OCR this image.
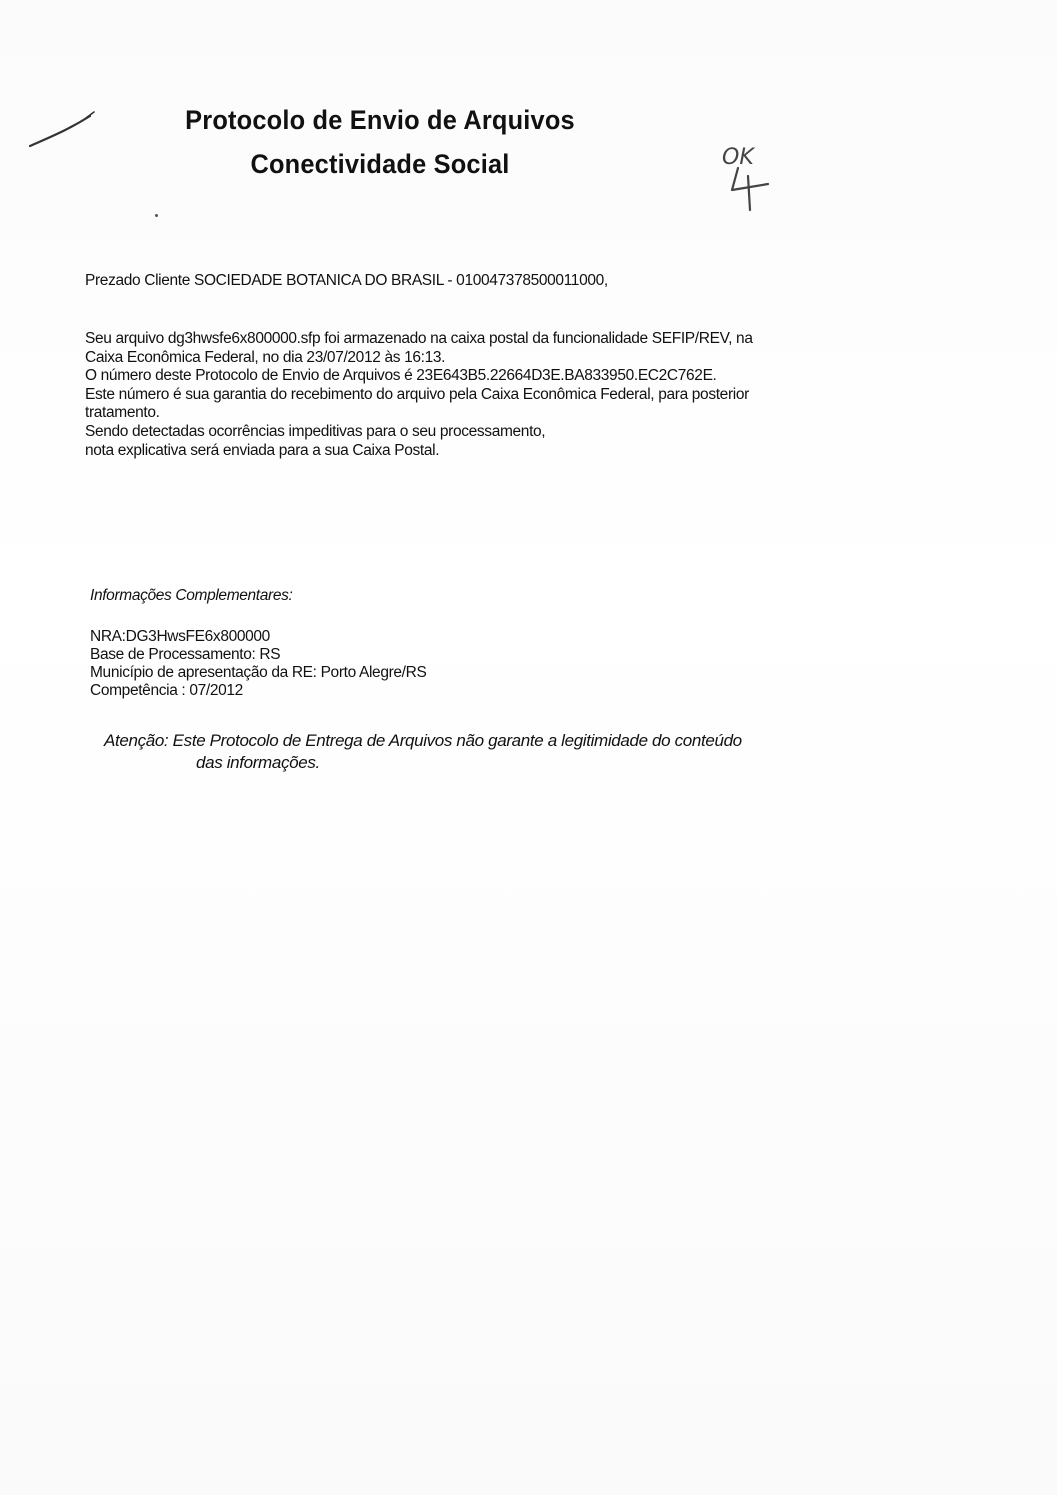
Protocolo de Envio de Arquivos
Conectividade Social	OK
Prezado Cliente SOCIEDADE BOTANICA DO BRASIL - 010047378500011000,
Seu arquivo dg3hwsfe6x800000.sfp foi armazenado na caixa postal da funcionalidade SEFIP/REV, na
Caixa Econômica Federal, no dia 23/07/2012 às 16:13.
O número deste Protocolo de Envio de Arquivos é 23E643B5.22664D3E.BA833950.EC2C762E.
Este número é sua garantia do recebimento do arquivo pela Caixa Econômica Federal, para posterior
tratamento.
Sendo detectadas ocorrências impeditivas para o seu processamento,
nota explicativa será enviada para a sua Caixa Postal.
Informações Complementares:
NRA:DG3HwsFE6x800000
Base de Processamento: RS
Município de apresentação da RE: Porto Alegre/RS
Competência : 07/2012
Atenção: Este Protocolo de Entrega de Arquivos não garante a legitimidade do conteúdo
das informações.
